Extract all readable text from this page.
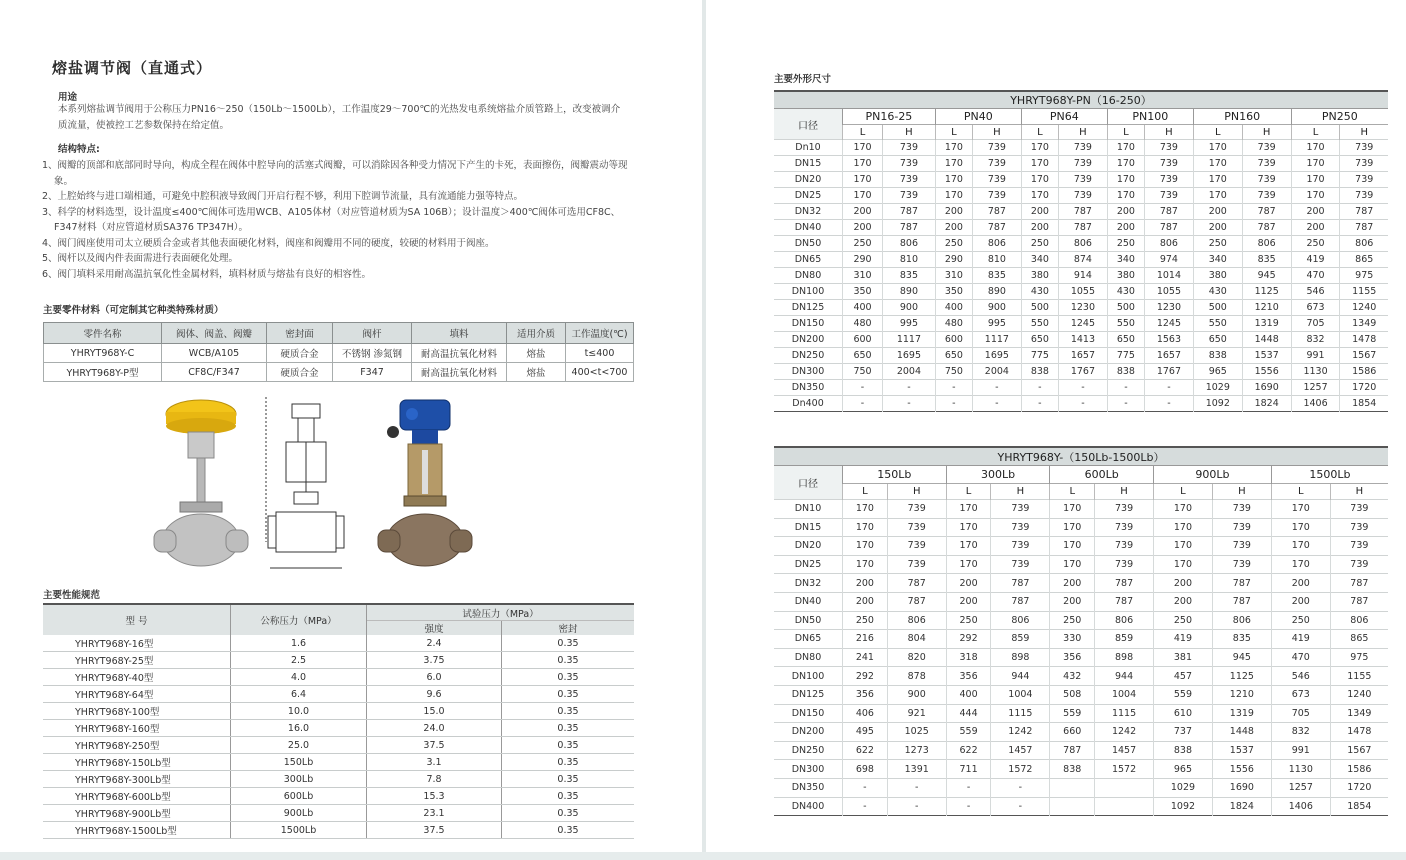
熔盐调节阀（直通式）
用途
本系列熔盐调节阀用于公称压力PN16～250（150Lb～1500Lb），工作温度29～700℃的光热发电系统熔盐介质管路上，改变被调介
质流量，使被控工艺参数保持在给定值。
结构特点:
1、阀瓣的顶部和底部同时导向，构成全程在阀体中腔导向的活塞式阀瓣，可以消除因各种受力情况下产生的卡死，表面擦伤，阀瓣震动等现象。
2、上腔始终与进口端相通，可避免中腔积液导致阀门开启行程不够，利用下腔调节流量，具有流通能力强等特点。
3、科学的材料选型，设计温度≤400℃阀体可选用WCB、A105体材（对应管道材质为SA 106B）；设计温度＞400℃阀体可选用CF8C、F347材料（对应管道材质SA376 TP347H）。
4、阀门阀座使用司太立硬质合金或者其他表面硬化材料，阀座和阀瓣用不同的硬度，较硬的材料用于阀座。
5、阀杆以及阀内件表面需进行表面硬化处理。
6、阀门填料采用耐高温抗氧化性金属材料，填料材质与熔盐有良好的相容性。
主要零件材料（可定制其它种类特殊材质）
零件名称	阀体、阀盖、阀瓣	密封面	阀杆	填料	适用介质	工作温度(℃)
YHRYT968Y-C	WCB/A105	硬质合金	不锈钢 渗氮钢	耐高温抗氧化材料	熔盐	t≤400
YHRYT968Y-P型	CF8C/F347	硬质合金	F347	耐高温抗氧化材料	熔盐	400<t<700
主要性能规范
型 号	公称压力（MPa）	试验压力（MPa）	
		强度	密封
YHRYT968Y-16型	1.6	2.4	0.35
YHRYT968Y-25型	2.5	3.75	0.35
YHRYT968Y-40型	4.0	6.0	0.35
YHRYT968Y-64型	6.4	9.6	0.35
YHRYT968Y-100型	10.0	15.0	0.35
YHRYT968Y-160型	16.0	24.0	0.35
YHRYT968Y-250型	25.0	37.5	0.35
YHRYT968Y-150Lb型	150Lb	3.1	0.35
YHRYT968Y-300Lb型	300Lb	7.8	0.35
YHRYT968Y-600Lb型	600Lb	15.3	0.35
YHRYT968Y-900Lb型	900Lb	23.1	0.35
YHRYT968Y-1500Lb型	1500Lb	37.5	0.35
主要外形尺寸
YHRYT968Y-PN（16-250）												
口径	PN16-25		PN40		PN64		PN100		PN160		PN250	
	L	H	L	H	L	H	L	H	L	H	L	H
Dn10	170	739	170	739	170	739	170	739	170	739	170	739
DN15	170	739	170	739	170	739	170	739	170	739	170	739
DN20	170	739	170	739	170	739	170	739	170	739	170	739
DN25	170	739	170	739	170	739	170	739	170	739	170	739
DN32	200	787	200	787	200	787	200	787	200	787	200	787
DN40	200	787	200	787	200	787	200	787	200	787	200	787
DN50	250	806	250	806	250	806	250	806	250	806	250	806
DN65	290	810	290	810	340	874	340	974	340	835	419	865
DN80	310	835	310	835	380	914	380	1014	380	945	470	975
DN100	350	890	350	890	430	1055	430	1055	430	1125	546	1155
DN125	400	900	400	900	500	1230	500	1230	500	1210	673	1240
DN150	480	995	480	995	550	1245	550	1245	550	1319	705	1349
DN200	600	1117	600	1117	650	1413	650	1563	650	1448	832	1478
DN250	650	1695	650	1695	775	1657	775	1657	838	1537	991	1567
DN300	750	2004	750	2004	838	1767	838	1767	965	1556	1130	1586
DN350	-	-	-	-	-	-	-	-	1029	1690	1257	1720
Dn400	-	-	-	-	-	-	-	-	1092	1824	1406	1854
YHRYT968Y-（150Lb-1500Lb）										
口径	150Lb		300Lb		600Lb		900Lb		1500Lb	
	L	H	L	H	L	H	L	H	L	H
DN10	170	739	170	739	170	739	170	739	170	739
DN15	170	739	170	739	170	739	170	739	170	739
DN20	170	739	170	739	170	739	170	739	170	739
DN25	170	739	170	739	170	739	170	739	170	739
DN32	200	787	200	787	200	787	200	787	200	787
DN40	200	787	200	787	200	787	200	787	200	787
DN50	250	806	250	806	250	806	250	806	250	806
DN65	216	804	292	859	330	859	419	835	419	865
DN80	241	820	318	898	356	898	381	945	470	975
DN100	292	878	356	944	432	944	457	1125	546	1155
DN125	356	900	400	1004	508	1004	559	1210	673	1240
DN150	406	921	444	1115	559	1115	610	1319	705	1349
DN200	495	1025	559	1242	660	1242	737	1448	832	1478
DN250	622	1273	622	1457	787	1457	838	1537	991	1567
DN300	698	1391	711	1572	838	1572	965	1556	1130	1586
DN350	-	-	-	-			1029	1690	1257	1720
DN400	-	-	-	-			1092	1824	1406	1854
